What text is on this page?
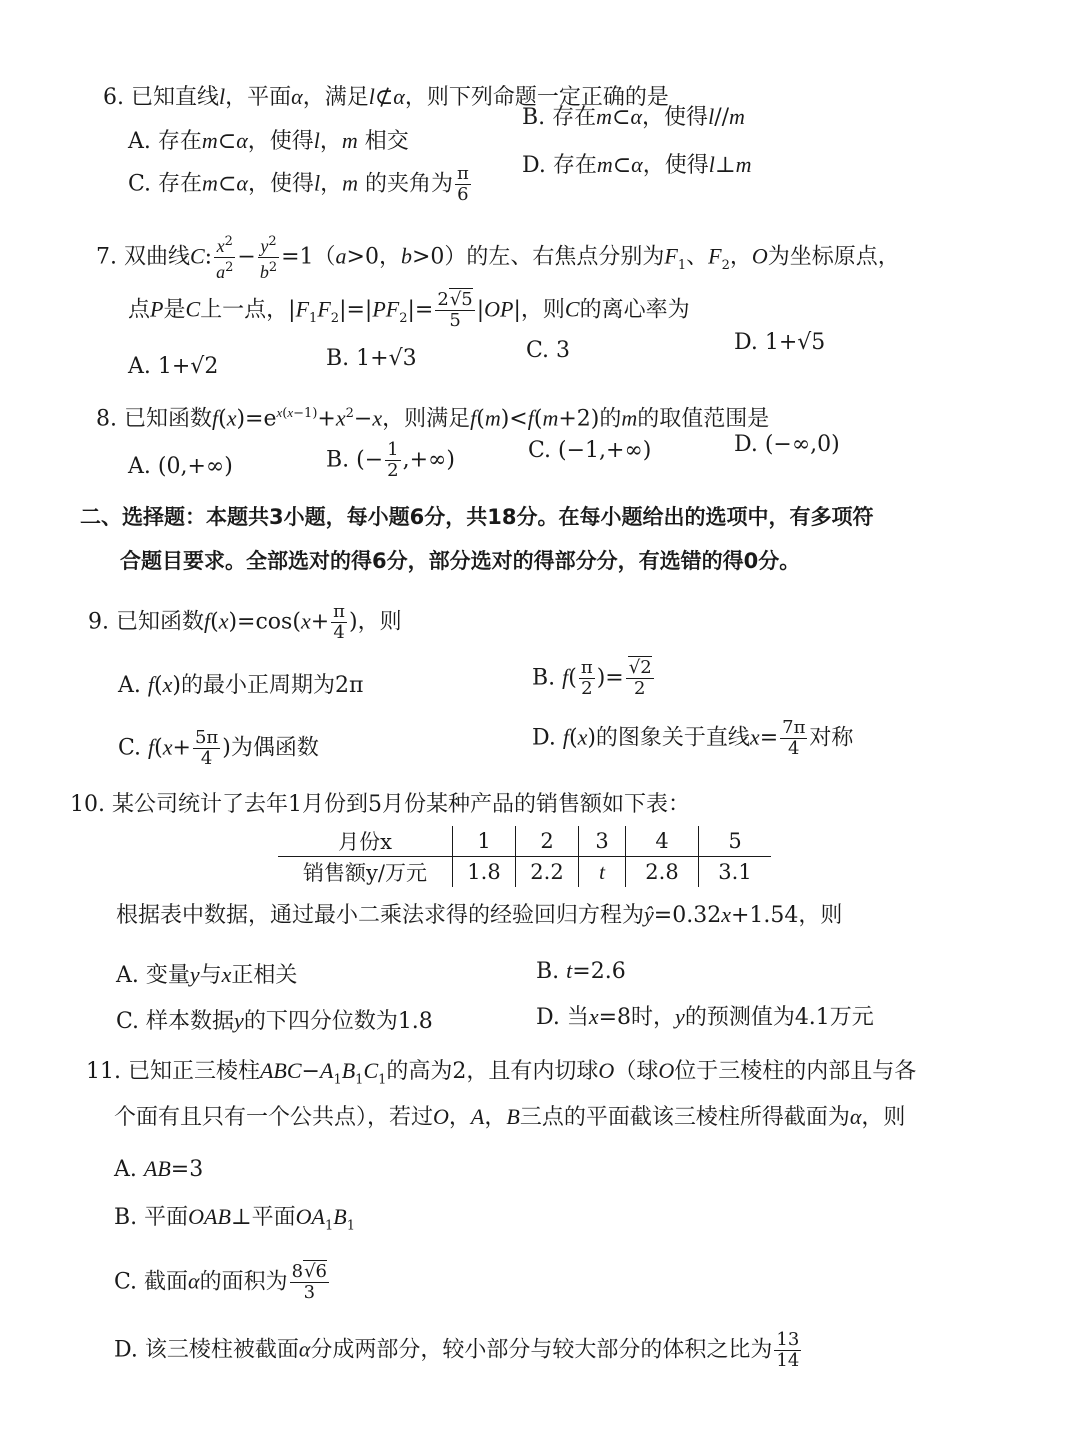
6. 已知直线l，平面α，满足l⊄α，则下列命题一定正确的是
A. 存在m⊂α，使得l，m 相交
B. 存在m⊂α，使得l//m
C. 存在m⊂α，使得l，m 的夹角为 $\frac{\pi}{6} D$. 存在m⊂α，使得l⊥m
7. 双曲线C: $\frac{x^2}{a^2} - \frac{y^2}{b^2} =1(a>0$，b>0）的左、右焦点分别为$F_1$、$F_2$，O为坐标原点，
点P是C上一点，$|F_1F_2|=|PF_2|= \frac{2√5}{5} |OP|$，则C的离心率为
A. 1+√2	B. 1+√3	C. 3	D. 1+√5
8. 已知函数$f(x)=e^{x(x-1)}+x^2-x$，则满足f(m)<f(m+2)的m的取值范围是
A. (0,+∞)	B. (− $\frac{1}{2}$ ,+∞)	C. (−1,+∞)	D. (−∞,0)
二、选择题：本题共3小题，每小题6分，共18分。在每小题给出的选项中，有多项符
合题目要求。全部选对的得6分，部分选对的得部分分，有选错的得0分。
9. 已知函数$f(x)=\cos(x+ \frac{\pi}{4}$ )，则
A. f(x)的最小正周期为2π	B. $f( \frac{\pi}{2}$ )= $\frac{√2}{2}$
C. $f(x+ \frac{5\pi}{4}$ )为偶函数	D. f(x)的图象关于直线$x= \frac{7\pi}{4}$ 对称
10. 某公司统计了去年1月份到5月份某种产品的销售额如下表：
月份x	1	2	3	4	5
销售额y/万元	1.8	2.2	t	2.8	3.1
根据表中数据，通过最小二乘法求得的经验回归方程为ŷ=0.32x+1.54，则
A. 变量y与x正相关	B. t=2.6
C. 样本数据y的下四分位数为1.8	D. 当x=8时，y的预测值为4.1万元
11. 已知正三棱柱$ABC-A_1B_1C_1$的高为2，且有内切球O（球O位于三棱柱的内部且与各
个面有且只有一个公共点），若过O，A，B三点的平面截该三棱柱所得截面为α，则
A. AB=3
B. 平面OAB⊥平面$OA_1B_1$
C. 截面α的面积为 $\frac{8√6}{3}$
D. 该三棱柱被截面α分成两部分，较小部分与较大部分的体积之比为 $\frac{13}{14}$
